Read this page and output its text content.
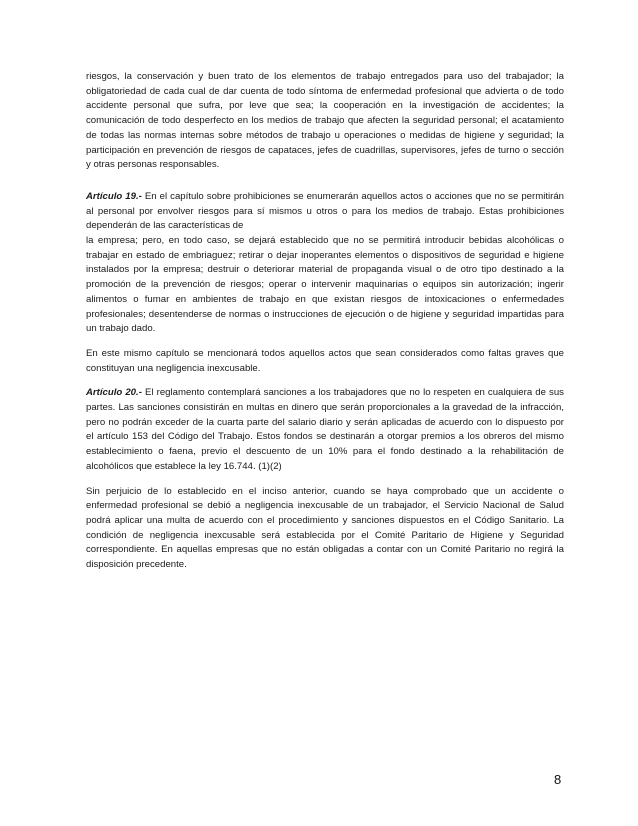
riesgos, la conservación y buen trato de los elementos de trabajo entregados para uso del trabajador; la obligatoriedad de cada cual de dar cuenta de todo síntoma de enfermedad profesional que advierta o de todo accidente personal que sufra, por leve que sea; la cooperación en la investigación de accidentes; la comunicación de todo desperfecto en los medios de trabajo que afecten la seguridad personal; el acatamiento de todas las normas internas sobre métodos de trabajo u operaciones o medidas de higiene y seguridad; la participación en prevención de riesgos de capataces, jefes de cuadrillas, supervisores, jefes de turno o sección y otras personas responsables.

Artículo 19.- En el capítulo sobre prohibiciones se enumerarán aquellos actos o acciones que no se permitirán al personal por envolver riesgos para sí mismos u otros o para los medios de trabajo. Estas prohibiciones dependerán de las características de

la empresa; pero, en todo caso, se dejará establecido que no se permitirá introducir bebidas alcohólicas o trabajar en estado de embriaguez; retirar o dejar inoperantes elementos o dispositivos de seguridad e higiene instalados por la empresa; destruir o deteriorar material de propaganda visual o de otro tipo destinado a la promoción de la prevención de riesgos; operar o intervenir maquinarias o equipos sin autorización; ingerir alimentos o fumar en ambientes de trabajo en que existan riesgos de intoxicaciones o enfermedades profesionales; desentenderse de normas o instrucciones de ejecución o de higiene y seguridad impartidas para un trabajo dado.

En este mismo capítulo se mencionará todos aquellos actos que sean considerados como faltas graves que constituyan una negligencia inexcusable.

Artículo 20.- El reglamento contemplará sanciones a los trabajadores que no lo respeten en cualquiera de sus partes. Las sanciones consistirán en multas en dinero que serán proporcionales a la gravedad de la infracción, pero no podrán exceder de la cuarta parte del salario diario y serán aplicadas de acuerdo con lo dispuesto por el artículo 153 del Código del Trabajo. Estos fondos se destinarán a otorgar premios a los obreros del mismo establecimiento o faena, previo el descuento de un 10% para el fondo destinado a la rehabilitación de alcohólicos que establece la ley 16.744. (1)(2)

Sin perjuicio de lo establecido en el inciso anterior, cuando se haya comprobado que un accidente o enfermedad profesional se debió a negligencia inexcusable de un trabajador, el Servicio Nacional de Salud podrá aplicar una multa de acuerdo con el procedimiento y sanciones dispuestos en el Código Sanitario. La condición de negligencia inexcusable será establecida por el Comité Paritario de Higiene y Seguridad correspondiente. En aquellas empresas que no están obligadas a contar con un Comité Paritario no regirá la disposición precedente.

8
